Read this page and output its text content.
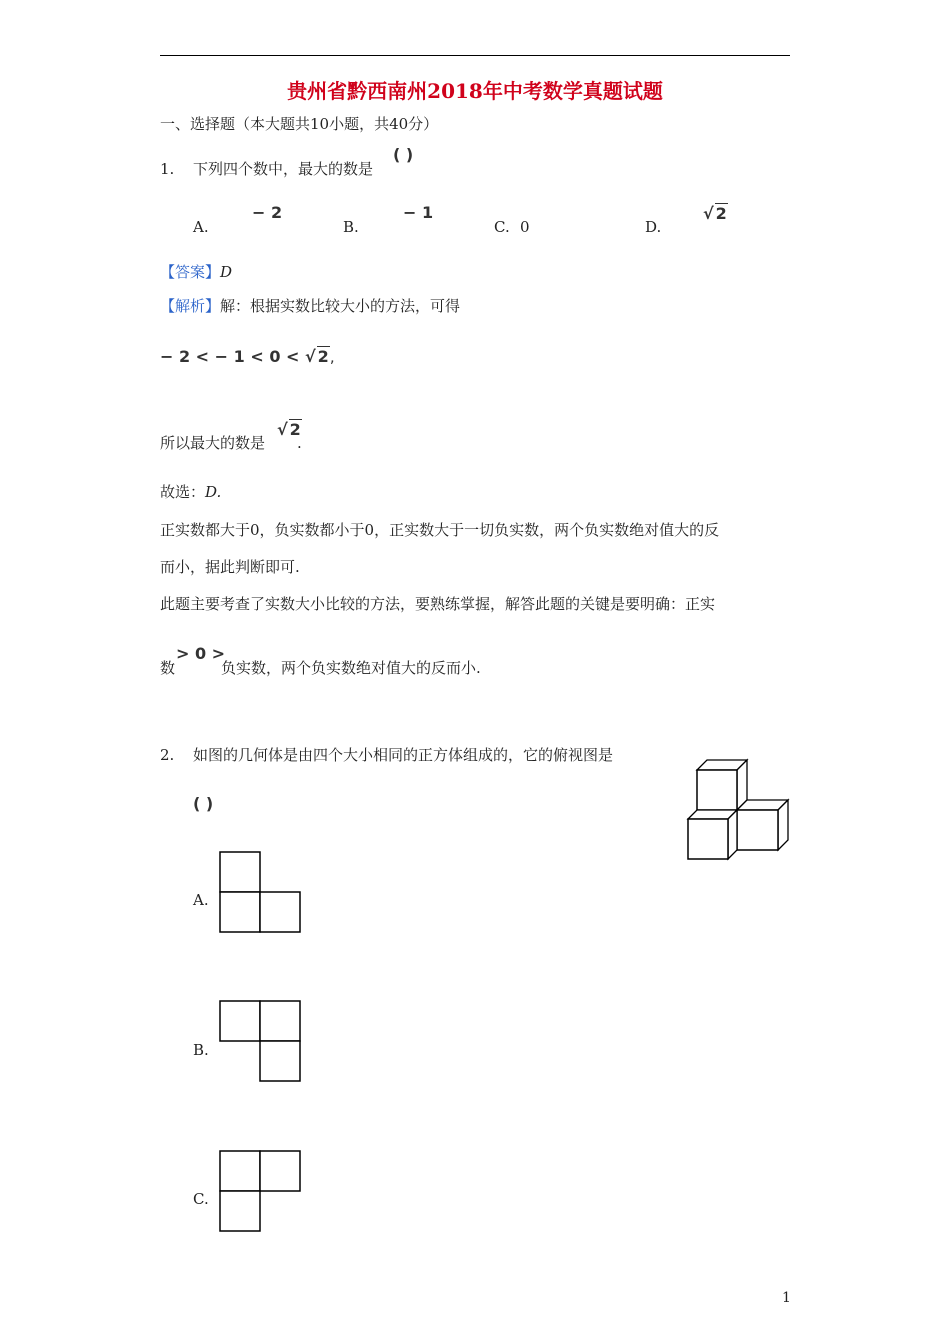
贵州省黔西南州2018年中考数学真题试题
一、选择题（本大题共10小题，共40分）
1. 下列四个数中，最大的数是
( )
A.
− 2
B.
− 1
C. 0	D.
√ 2
【答案】D
【解析】解：根据实数比较大小的方法，可得
− 2 < − 1 < 0 < √ 2,
所以最大的数是
√ 2
.
故选：D.
正实数都大于0，负实数都小于0，正实数大于一切负实数，两个负实数绝对值大的反
而小，据此判断即可.
此题主要考查了实数大小比较的方法，要熟练掌握，解答此题的关键是要明确：正实
数
> 0 >
负实数，两个负实数绝对值大的反而小.
2. 如图的几何体是由四个大小相同的正方体组成的，它的俯视图是
( )
A.
B.
C.
1
